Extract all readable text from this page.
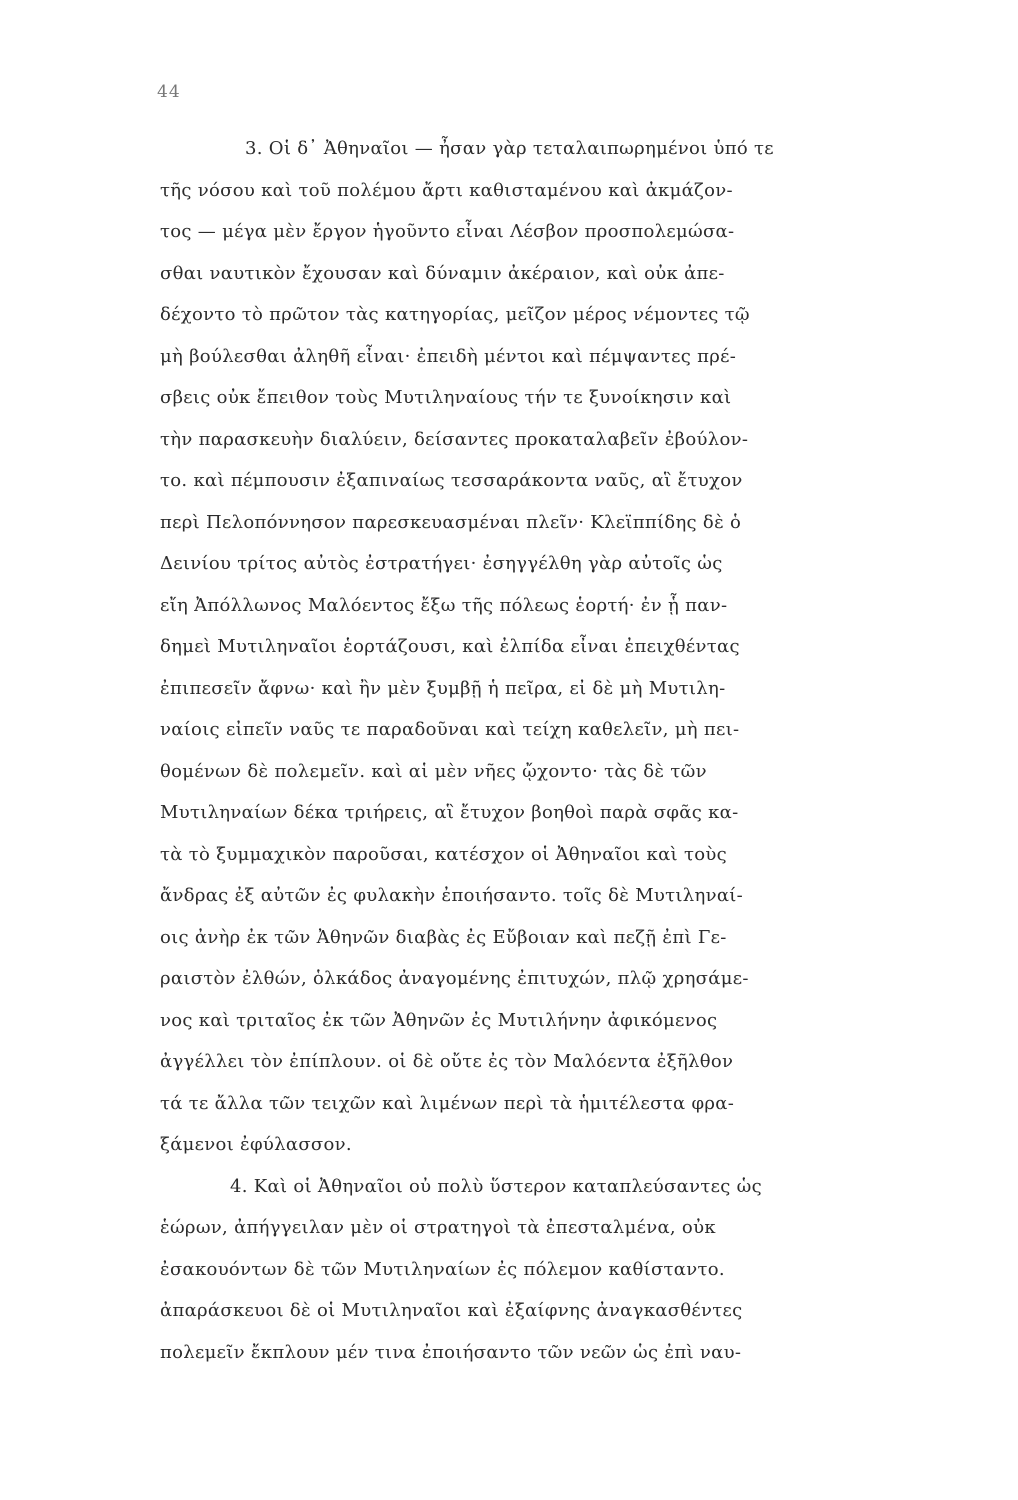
44
3. Οἱ δ᾽ Ἀθηναῖοι — ἦσαν γὰρ τεταλαιπωρημένοι ὑπό τε
τῆς νόσου καὶ τοῦ πολέμου ἄρτι καθισταμένου καὶ ἀκμάζον-
τος — μέγα μὲν ἔργον ἡγοῦντο εἶναι Λέσβον προσπολεμώσα-
σθαι ναυτικὸν ἔχουσαν καὶ δύναμιν ἀκέραιον, καὶ οὐκ ἀπε-
δέχοντο τὸ πρῶτον τὰς κατηγορίας, μεῖζον μέρος νέμοντες τῷ
μὴ βούλεσθαι ἀληθῆ εἶναι· ἐπειδὴ μέντοι καὶ πέμψαντες πρέ-
σβεις οὐκ ἔπειθον τοὺς Μυτιληναίους τήν τε ξυνοίκησιν καὶ
τὴν παρασκευὴν διαλύειν, δείσαντες προκαταλαβεῖν ἐβούλον-
το. καὶ πέμπουσιν ἐξαπιναίως τεσσαράκοντα ναῦς, αἳ ἔτυχον
περὶ Πελοπόννησον παρεσκευασμέναι πλεῖν· Κλεϊππίδης δὲ ὁ
Δεινίου τρίτος αὐτὸς ἐστρατήγει· ἐσηγγέλθη γὰρ αὐτοῖς ὡς
εἴη Ἀπόλλωνος Μαλόεντος ἔξω τῆς πόλεως ἑορτή· ἐν ᾗ παν-
δημεὶ Μυτιληναῖοι ἑορτάζουσι, καὶ ἐλπίδα εἶναι ἐπειχθέντας
ἐπιπεσεῖν ἄφνω· καὶ ἢν μὲν ξυμβῇ ἡ πεῖρα, εἰ δὲ μὴ Μυτιλη-
ναίοις εἰπεῖν ναῦς τε παραδοῦναι καὶ τείχη καθελεῖν, μὴ πει-
θομένων δὲ πολεμεῖν. καὶ αἱ μὲν νῆες ᾤχοντο· τὰς δὲ τῶν
Μυτιληναίων δέκα τριήρεις, αἳ ἔτυχον βοηθοὶ παρὰ σφᾶς κα-
τὰ τὸ ξυμμαχικὸν παροῦσαι, κατέσχον οἱ Ἀθηναῖοι καὶ τοὺς
ἄνδρας ἐξ αὐτῶν ἐς φυλακὴν ἐποιήσαντο. τοῖς δὲ Μυτιληναί-
οις ἀνὴρ ἐκ τῶν Ἀθηνῶν διαβὰς ἐς Εὔβοιαν καὶ πεζῇ ἐπὶ Γε-
ραιστὸν ἐλθών, ὁλκάδος ἀναγομένης ἐπιτυχών, πλῷ χρησάμε-
νος καὶ τριταῖος ἐκ τῶν Ἀθηνῶν ἐς Μυτιλήνην ἀφικόμενος
ἀγγέλλει τὸν ἐπίπλουν. οἱ δὲ οὔτε ἐς τὸν Μαλόεντα ἐξῆλθον
τά τε ἄλλα τῶν τειχῶν καὶ λιμένων περὶ τὰ ἡμιτέλεστα φρα-
ξάμενοι ἐφύλασσον.
4. Καὶ οἱ Ἀθηναῖοι οὐ πολὺ ὕστερον καταπλεύσαντες ὡς
ἑώρων, ἀπήγγειλαν μὲν οἱ στρατηγοὶ τὰ ἐπεσταλμένα, οὐκ
ἐσακουόντων δὲ τῶν Μυτιληναίων ἐς πόλεμον καθίσταντο.
ἀπαράσκευοι δὲ οἱ Μυτιληναῖοι καὶ ἐξαίφνης ἀναγκασθέντες
πολεμεῖν ἔκπλουν μέν τινα ἐποιήσαντο τῶν νεῶν ὡς ἐπὶ ναυ-
